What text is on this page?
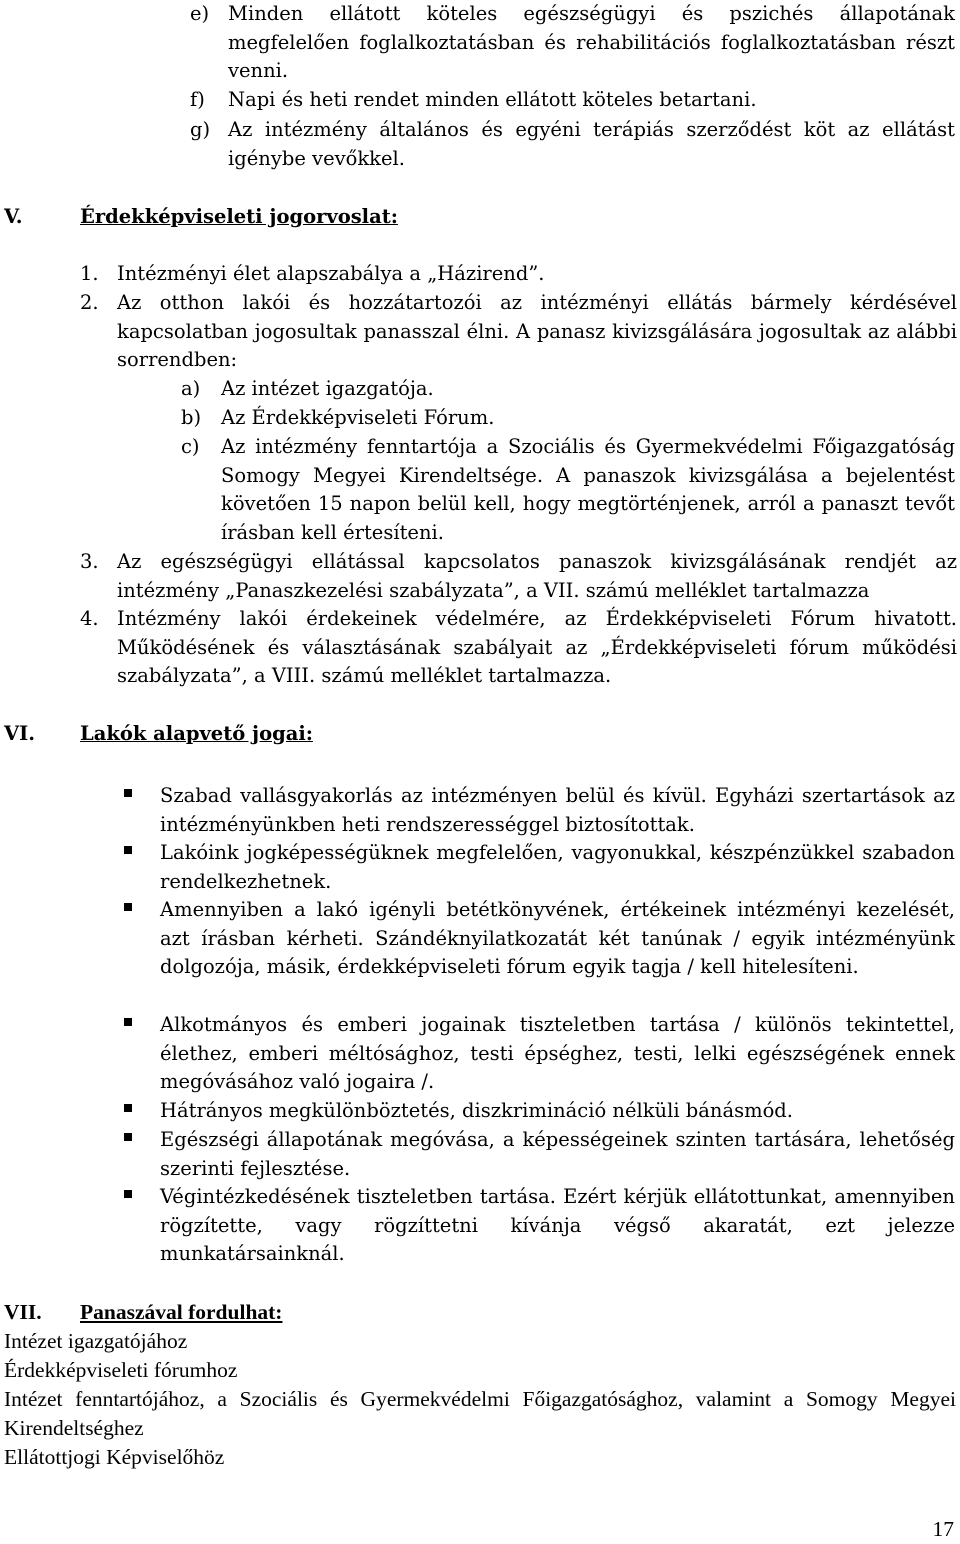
e) Minden ellátott köteles egészségügyi és pszichés állapotának megfelelően foglalkoztatásban és rehabilitációs foglalkoztatásban részt venni.
f) Napi és heti rendet minden ellátott köteles betartani.
g) Az intézmény általános és egyéni terápiás szerződést köt az ellátást igénybe vevőkkel.
V.	Érdekképviseleti jogorvoslat:
1. Intézményi élet alapszabálya a „Házirend”.
2. Az otthon lakói és hozzátartozói az intézményi ellátás bármely kérdésével kapcsolatban jogosultak panasszal élni. A panasz kivizsgálására jogosultak az alábbi sorrendben:
a) Az intézet igazgatója.
b) Az Érdekképviseleti Fórum.
c) Az intézmény fenntartója a Szociális és Gyermekvédelmi Főigazgatóság Somogy Megyei Kirendeltsége. A panaszok kivizsgálása a bejelentést követően 15 napon belül kell, hogy megtörténjenek, arról a panaszt tevőt írásban kell értesíteni.
3. Az egészségügyi ellátással kapcsolatos panaszok kivizsgálásának rendjét az intézmény „Panaszkezelési szabályzata”, a VII. számú melléklet tartalmazza
4. Intézmény lakói érdekeinek védelmére, az Érdekképviseleti Fórum hivatott. Működésének és választásának szabályait az „Érdekképviseleti fórum működési szabályzata”, a VIII. számú melléklet tartalmazza.
VI. Lakók alapvető jogai:
Szabad vallásgyakorlás az intézményen belül és kívül. Egyházi szertartások az intézményünkben heti rendszerességgel biztosítottak.
Lakóink jogképességüknek megfelelően, vagyonukkal, készpénzükkel szabadon rendelkezhetnek.
Amennyiben a lakó igényli betétkönyvének, értékeinek intézményi kezelését, azt írásban kérheti. Szándéknyilatkozatát két tanúnak / egyik intézményünk dolgozója, másik, érdekképviseleti fórum egyik tagja / kell hitelesíteni.
Alkotmányos és emberi jogainak tiszteletben tartása / különös tekintettel, élethez, emberi méltósághoz, testi épséghez, testi, lelki egészségének ennek megóvásához való jogaira /.
Hátrányos megkülönböztetés, diszkrimináció nélküli bánásmód.
Egészségi állapotának megóvása, a képességeinek szinten tartására, lehetőség szerinti fejlesztése.
Végintézkedésének tiszteletben tartása. Ezért kérjük ellátottunkat, amennyiben rögzítette, vagy rögzíttetni kívánja végső akaratát, ezt jelezze munkatársainknál.
VII. Panaszával fordulhat:
Intézet igazgatójához
Érdekképviseleti fórumhoz
Intézet fenntartójához, a Szociális és Gyermekvédelmi Főigazgatósághoz, valamint a Somogy Megyei Kirendeltséghez
Ellátottjogi Képviselőhöz
17
